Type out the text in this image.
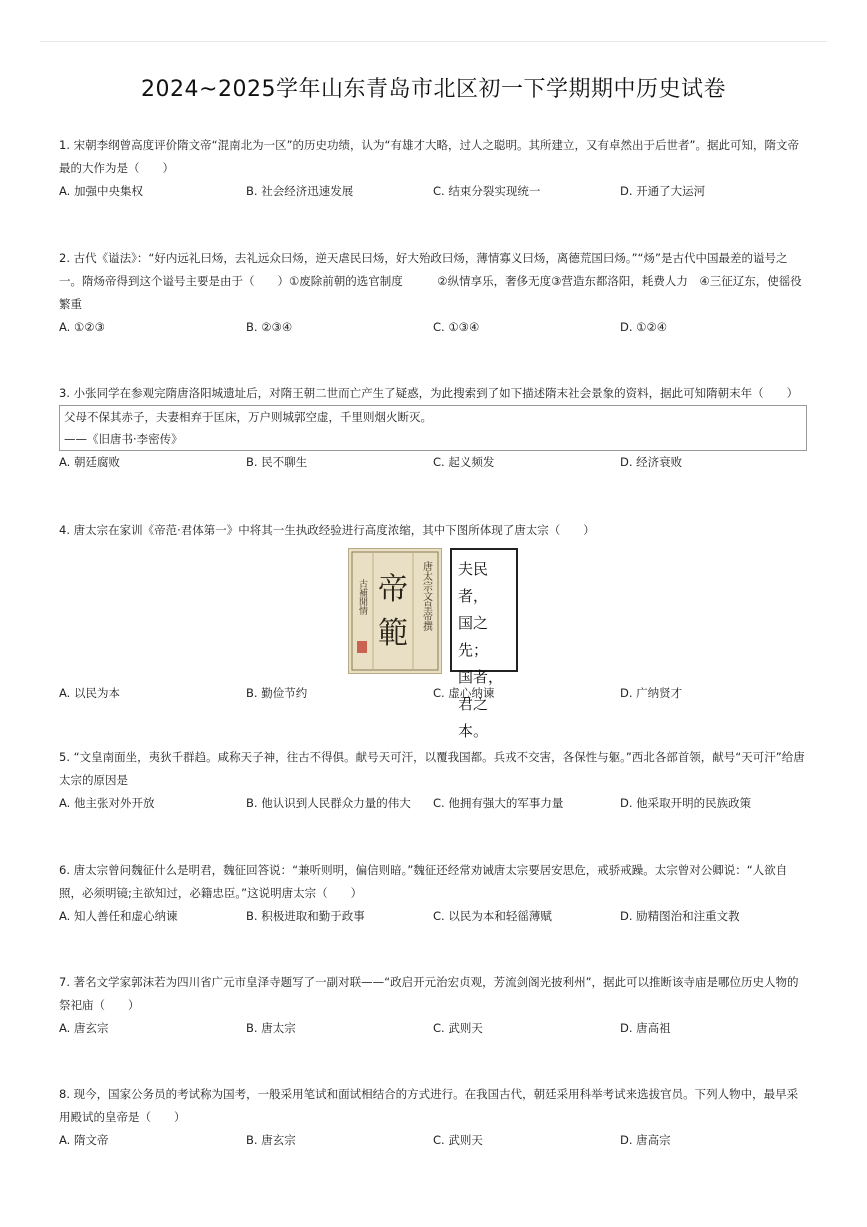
2024~2025学年山东青岛市北区初一下学期期中历史试卷

1. 宋朝李纲曾高度评价隋文帝“混南北为一区”的历史功绩，认为“有雄才大略，过人之聪明。其所建立，又有卓然出于后世者”。据此可知，隋文帝最的大作为是（　　）

A. 加强中央集权	B. 社会经济迅速发展	C. 结束分裂实现统一	D. 开通了大运河

2. 古代《谥法》：“好内远礼曰炀，去礼远众曰炀，逆天虐民曰炀，好大殆政曰炀，薄情寡义曰炀，离德荒国曰炀。”“炀”是古代中国最差的谥号之一。隋炀帝得到这个谥号主要是由于（　　）①废除前朝的选官制度　　　②纵情享乐，奢侈无度③营造东都洛阳，耗费人力　④三征辽东，使徭役繁重

A. ①②③	B. ②③④	C. ①③④	D. ①②④

3. 小张同学在参观完隋唐洛阳城遗址后，对隋王朝二世而亡产生了疑惑，为此搜索到了如下描述隋末社会景象的资料，据此可知隋朝末年（　　）

父母不保其赤子，夫妻相弃于匡床，万户则城郭空虚，千里则烟火断灭。
——《旧唐书·李密传》
A. 朝廷腐败	B. 民不聊生	C. 起义频发	D. 经济衰败

4. 唐太宗在家训《帝范·君体第一》中将其一生执政经验进行高度浓缩，其中下图所体现了唐太宗（　　）

帝
範
唐太宗文皇帝撰
古補閒情
夫民者，
国之先；
国者，
君之本。
A. 以民为本	B. 勤俭节约	C. 虚心纳谏	D. 广纳贤才

5. “文皇南面坐，夷狄千群趋。咸称天子神，往古不得俱。献号天可汗，以覆我国都。兵戎不交害，各保性与躯。”西北各部首领，献号“天可汗”给唐太宗的原因是

A. 他主张对外开放	B. 他认识到人民群众力量的伟大	C. 他拥有强大的军事力量	D. 他采取开明的民族政策

6. 唐太宗曾问魏征什么是明君，魏征回答说：“兼听则明，偏信则暗。”魏征还经常劝诫唐太宗要居安思危，戒骄戒躁。太宗曾对公卿说：“人欲自照，必须明镜;主欲知过，必籍忠臣。”这说明唐太宗（　　）

A. 知人善任和虚心纳谏	B. 积极进取和勤于政事	C. 以民为本和轻徭薄赋	D. 励精图治和注重文教

7. 著名文学家郭沫若为四川省广元市皇泽寺题写了一副对联——“政启开元治宏贞观，芳流剑阁光披利州”，据此可以推断该寺庙是哪位历史人物的祭祀庙（　　）

A. 唐玄宗	B. 唐太宗	C. 武则天	D. 唐高祖

8. 现今，国家公务员的考试称为国考，一般采用笔试和面试相结合的方式进行。在我国古代，朝廷采用科举考试来选拔官员。下列人物中，最早采用殿试的皇帝是（　　）

A. 隋文帝	B. 唐玄宗	C. 武则天	D. 唐高宗
